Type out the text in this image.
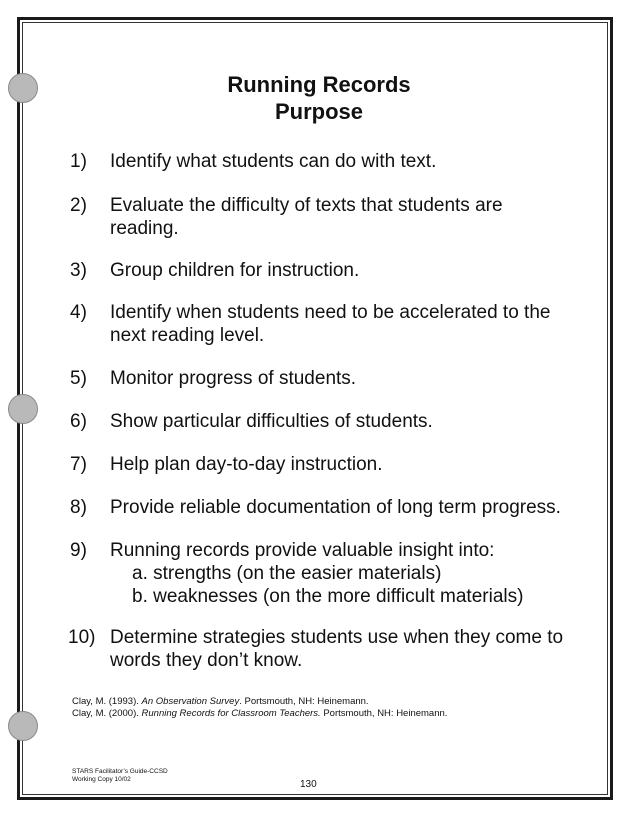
Running Records
Purpose
1) Identify what students can do with text.
2) Evaluate the difficulty of texts that students are
reading.
3) Group children for instruction.
4) Identify when students need to be accelerated to the
next reading level.
5) Monitor progress of students.
6) Show particular difficulties of students.
7) Help plan day-to-day instruction.
8) Provide reliable documentation of long term progress.
9) Running records provide valuable insight into:
a. strengths (on the easier materials)
b. weaknesses (on the more difficult materials)
10) Determine strategies students use when they come to
words they don’t know.
Clay, M. (1993). An Observation Survey. Portsmouth, NH: Heinemann.
Clay, M. (2000). Running Records for Classroom Teachers. Portsmouth, NH: Heinemann.
STARS Facilitator’s Guide-CCSD
Working Copy 10/02	130
